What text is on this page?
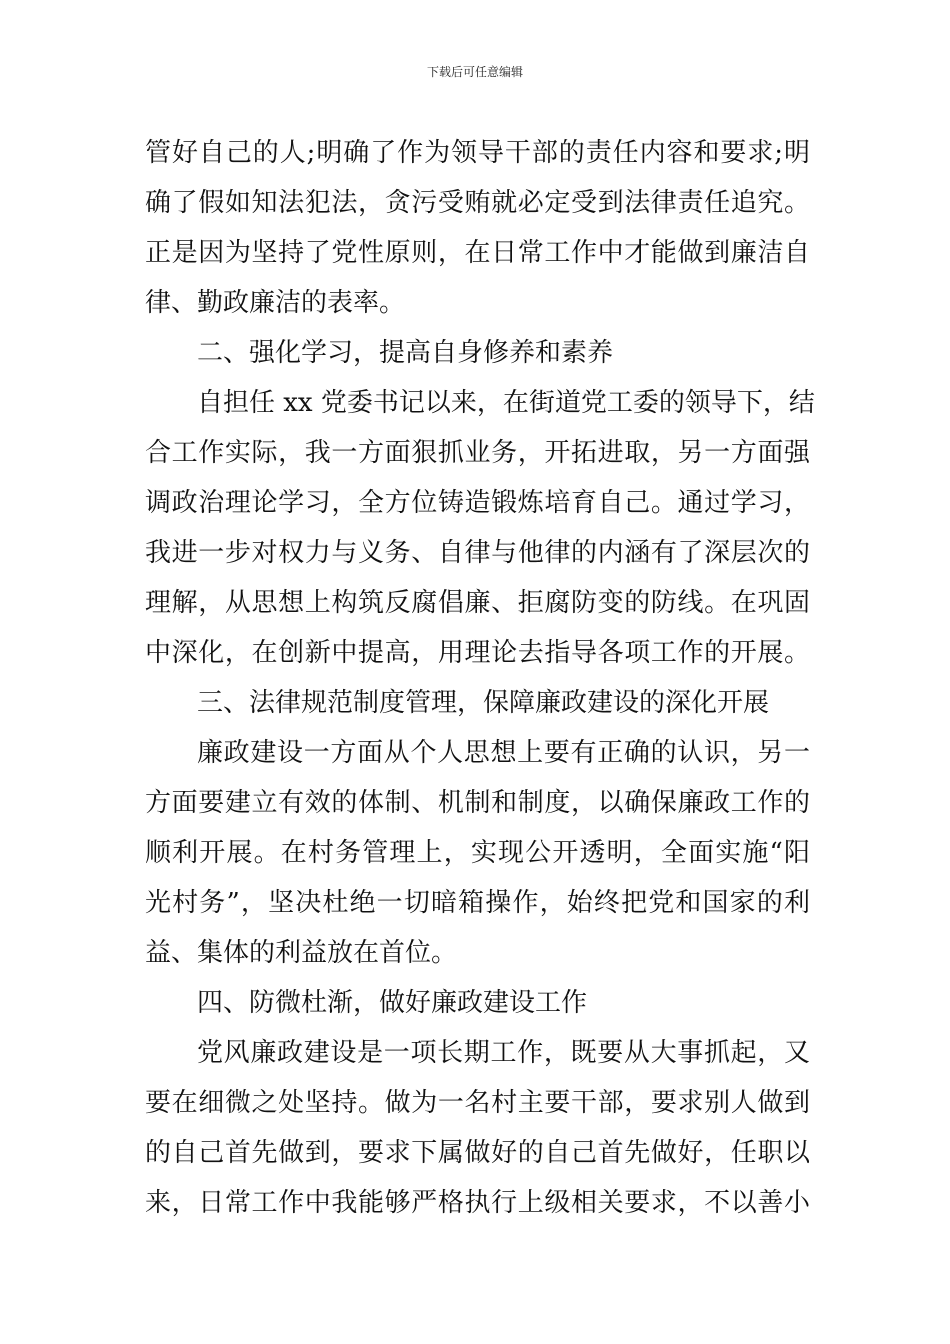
下载后可任意编辑
管好自己的人;明确了作为领导干部的责任内容和要求;明
确了假如知法犯法，贪污受贿就必定受到法律责任追究。
正是因为坚持了党性原则，在日常工作中才能做到廉洁自
律、勤政廉洁的表率。
二、强化学习，提高自身修养和素养
自担任 xx 党委书记以来，在街道党工委的领导下，结
合工作实际，我一方面狠抓业务，开拓进取，另一方面强
调政治理论学习，全方位铸造锻炼培育自己。通过学习，
我进一步对权力与义务、自律与他律的内涵有了深层次的
理解，从思想上构筑反腐倡廉、拒腐防变的防线。在巩固
中深化，在创新中提高，用理论去指导各项工作的开展。
三、法律规范制度管理，保障廉政建设的深化开展
廉政建设一方面从个人思想上要有正确的认识，另一
方面要建立有效的体制、机制和制度，以确保廉政工作的
顺利开展。在村务管理上，实现公开透明，全面实施“阳
光村务”，坚决杜绝一切暗箱操作，始终把党和国家的利
益、集体的利益放在首位。
四、防微杜渐，做好廉政建设工作
党风廉政建设是一项长期工作，既要从大事抓起，又
要在细微之处坚持。做为一名村主要干部，要求别人做到
的自己首先做到，要求下属做好的自己首先做好，任职以
来，日常工作中我能够严格执行上级相关要求，不以善小
